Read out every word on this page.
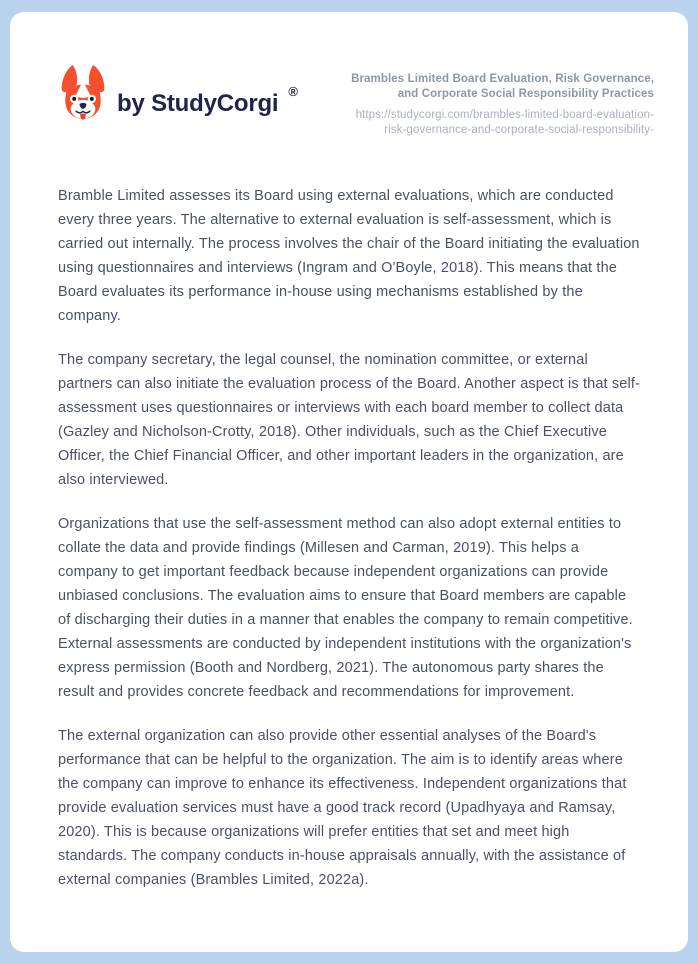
by StudyCorgi ®
Brambles Limited Board Evaluation, Risk Governance,
and Corporate Social Responsibility Practices
https://studycorgi.com/brambles-limited-board-evaluation-
risk-governance-and-corporate-social-responsibility-

Bramble Limited assesses its Board using external evaluations, which are conducted every three years. The alternative to external evaluation is self-assessment, which is carried out internally. The process involves the chair of the Board initiating the evaluation using questionnaires and interviews (Ingram and O'Boyle, 2018). This means that the Board evaluates its performance in-house using mechanisms established by the company.

The company secretary, the legal counsel, the nomination committee, or external partners can also initiate the evaluation process of the Board. Another aspect is that self-assessment uses questionnaires or interviews with each board member to collect data (Gazley and Nicholson-Crotty, 2018). Other individuals, such as the Chief Executive Officer, the Chief Financial Officer, and other important leaders in the organization, are also interviewed.

Organizations that use the self-assessment method can also adopt external entities to collate the data and provide findings (Millesen and Carman, 2019). This helps a company to get important feedback because independent organizations can provide unbiased conclusions. The evaluation aims to ensure that Board members are capable of discharging their duties in a manner that enables the company to remain competitive. External assessments are conducted by independent institutions with the organization's express permission (Booth and Nordberg, 2021). The autonomous party shares the result and provides concrete feedback and recommendations for improvement.

The external organization can also provide other essential analyses of the Board's performance that can be helpful to the organization. The aim is to identify areas where the company can improve to enhance its effectiveness. Independent organizations that provide evaluation services must have a good track record (Upadhyaya and Ramsay, 2020). This is because organizations will prefer entities that set and meet high standards. The company conducts in-house appraisals annually, with the assistance of external companies (Brambles Limited, 2022a).
